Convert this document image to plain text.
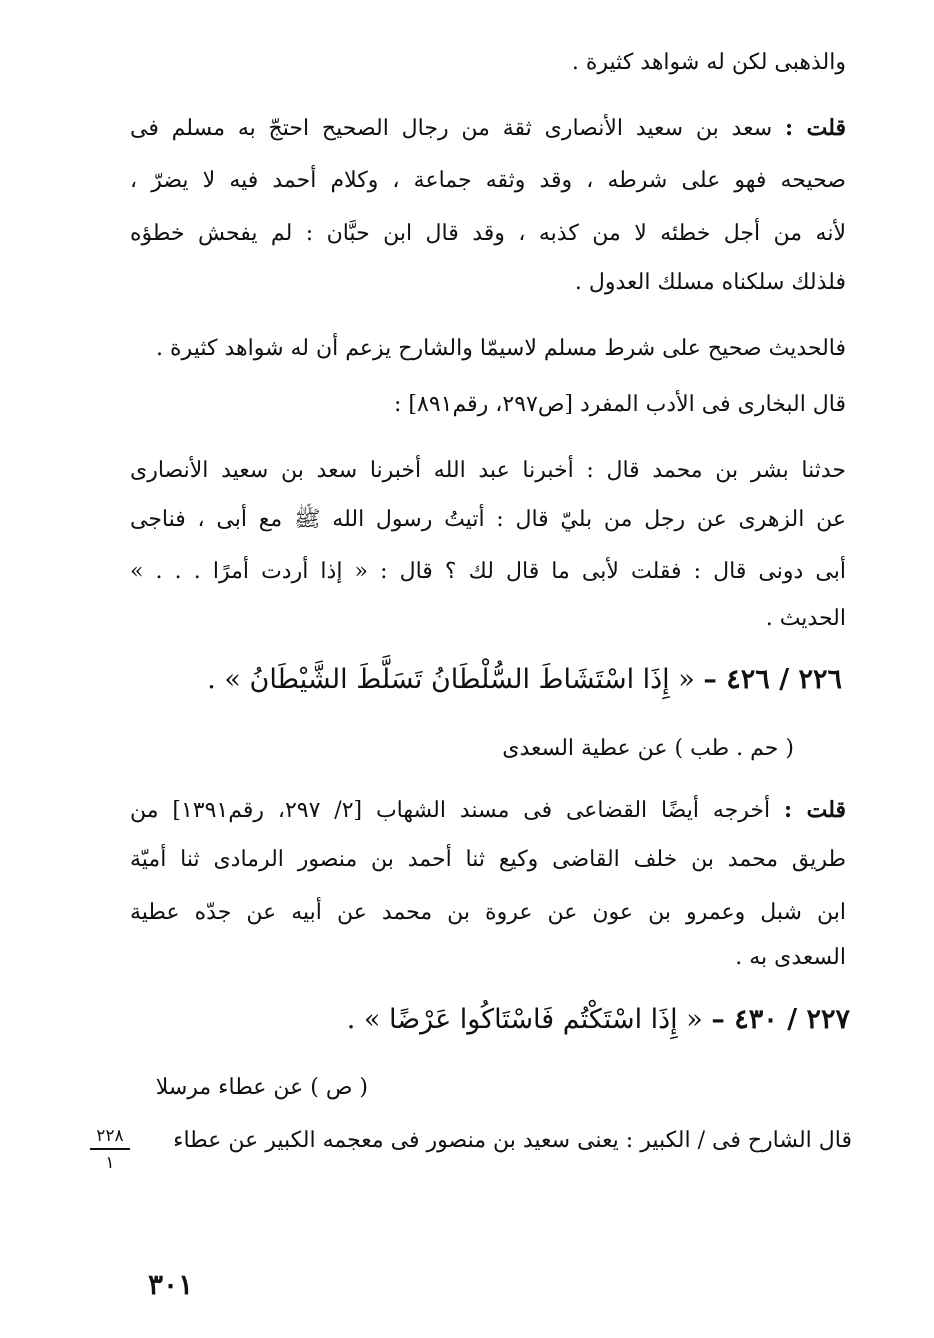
والذهبى لكن له شواهد كثيرة .
قلت : سعد بن سعيد الأنصارى ثقة من رجال الصحيح احتجّ به مسلم فى
صحيحه فهو على شرطه ، وقد وثقه جماعة ، وكلام أحمد فيه لا يضرّ ،
لأنه من أجل خطئه لا من كذبه ، وقد قال ابن حبَّان : لم يفحش خطؤه
فلذلك سلكناه مسلك العدول .
فالحديث صحيح على شرط مسلم لاسيمّا والشارح يزعم أن له شواهد كثيرة .
قال البخارى فى الأدب المفرد [ص٢٩٧، رقم٨٩١] :
حدثنا بشر بن محمد قال : أخبرنا عبد الله أخبرنا سعد بن سعيد الأنصارى
عن الزهرى عن رجل من بليّ قال : أتيتُ رسول الله ﷺ مع أبى ، فناجى
أبى دونى قال : فقلت لأبى ما قال لك ؟ قال : « إذا أردت أمرًا . . . »
الحديث .
٢٢٦ / ٤٢٦ – « إِذَا اسْتَشَاطَ السُّلْطَانُ تَسَلَّطَ الشَّيْطَانُ » .
( حم . طب ) عن عطية السعدى
قلت : أخرجه أيضًا القضاعى فى مسند الشهاب [٢/ ٢٩٧، رقم١٣٩١] من
طريق محمد بن خلف القاضى وكيع ثنا أحمد بن منصور الرمادى ثنا أميّة
ابن شبل وعمرو بن عون عن عروة بن محمد عن أبيه عن جدّه عطية
السعدى به .
٢٢٧ / ٤٣٠ – « إِذَا اسْتَكْتُم فَاسْتَاكُوا عَرْضًا » .
( ص ) عن عطاء مرسلا
قال الشارح فى / الكبير : يعنى سعيد بن منصور فى معجمه الكبير عن عطاء
٢٢٨
١
٣٠١
